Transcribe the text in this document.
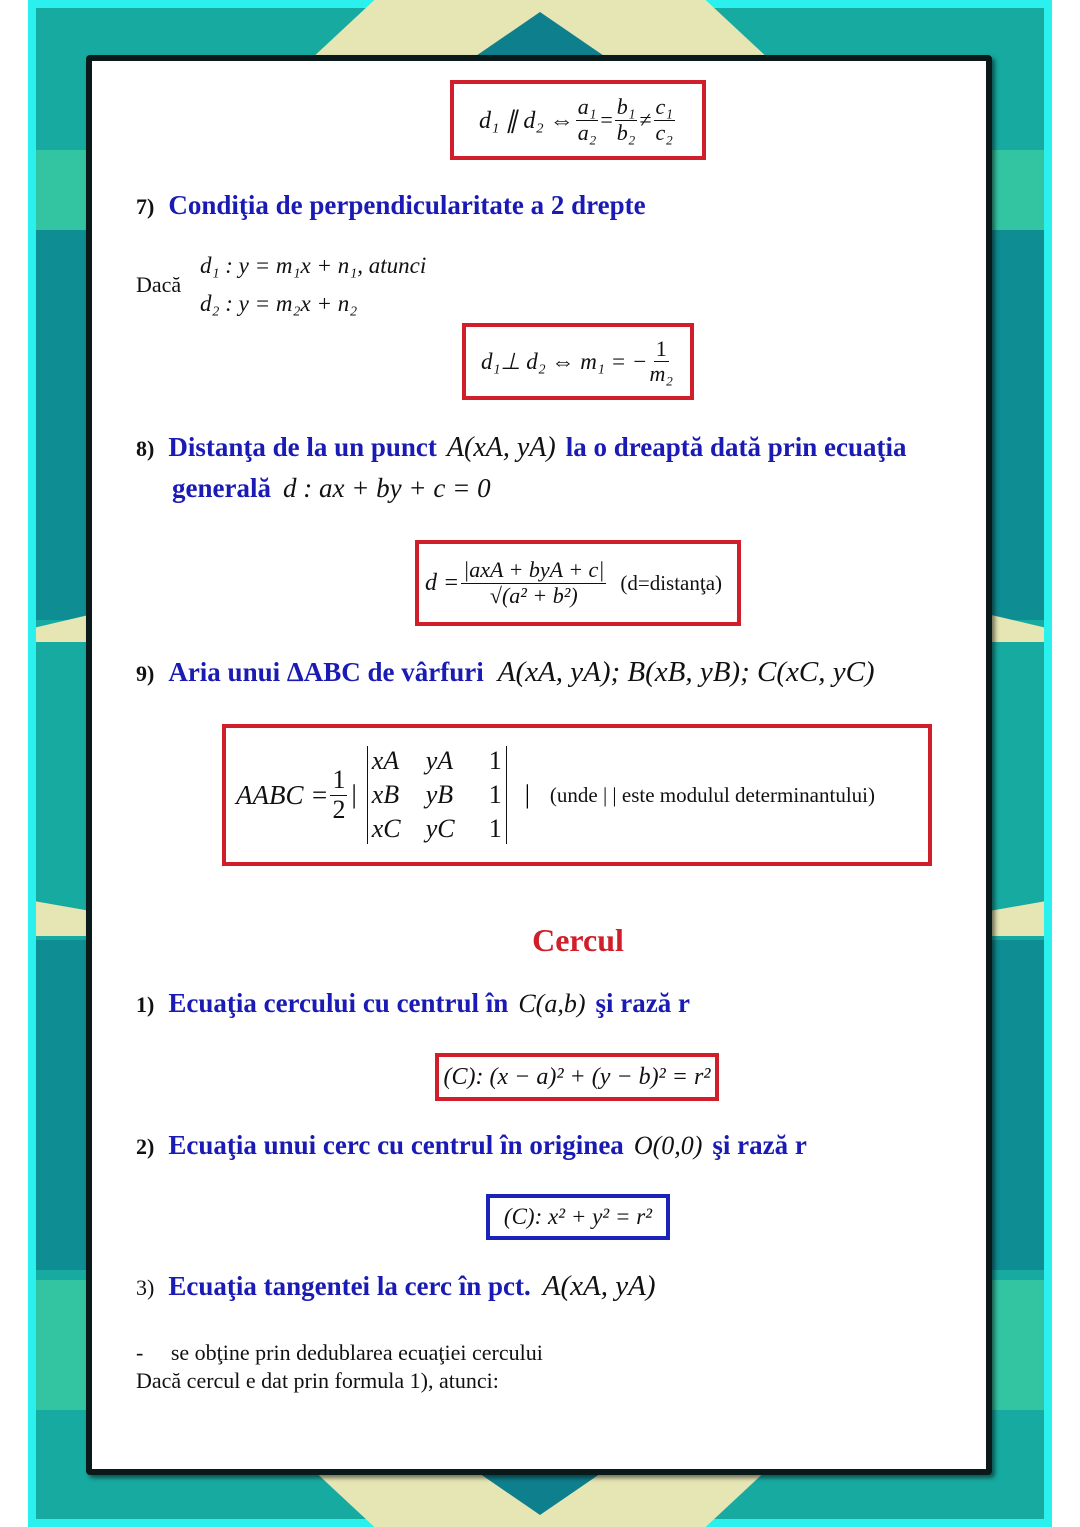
d₁ ∥ d₂ ⇔ $\frac{\text{a₁}}{\text{a₂}} = \frac{\text{b₁}}{\text{b₂}} \ne \frac{\text{c₁}}{\text{c₂}}$
7) Condiţia de perpendicularitate a 2 drepte
Dacă
d₁ : y = m₁x + n₁, atunci
d₂ : y = m₂x + n₂
d₁⊥ d₂ ⇔ m₁ = − $\frac{1}{\text{m₂}}$
8) Distanţa de la un punct A(xA, yA) la o dreaptă dată prin ecuaţia
generală d : ax + by + c = 0
$d = \frac{\text{|axA + byA + c|}}{\text{√(a² + b²)}}$ (d=distanţa)
9) Aria unui ΔABC de vârfuri A(xA, yA); B(xB, yB); C(xC, yC)
AABC = $\frac{1}{2}$ |
xA	yA	1
xB	yB	1
xC yC	1
| (unde | | este modulul determinantului)
Cercul
1) Ecuaţia cercului cu centrul în C(a,b) şi rază r
(C): (x − a)² + (y − b)² = r²
2) Ecuaţia unui cerc cu centrul în originea O(0,0) şi rază r
(C): x² + y² = r²
3) Ecuaţia tangentei la cerc în pct. A(xA, yA)
- se obţine prin dedublarea ecuaţiei cercului
Dacă cercul e dat prin formula 1), atunci:
